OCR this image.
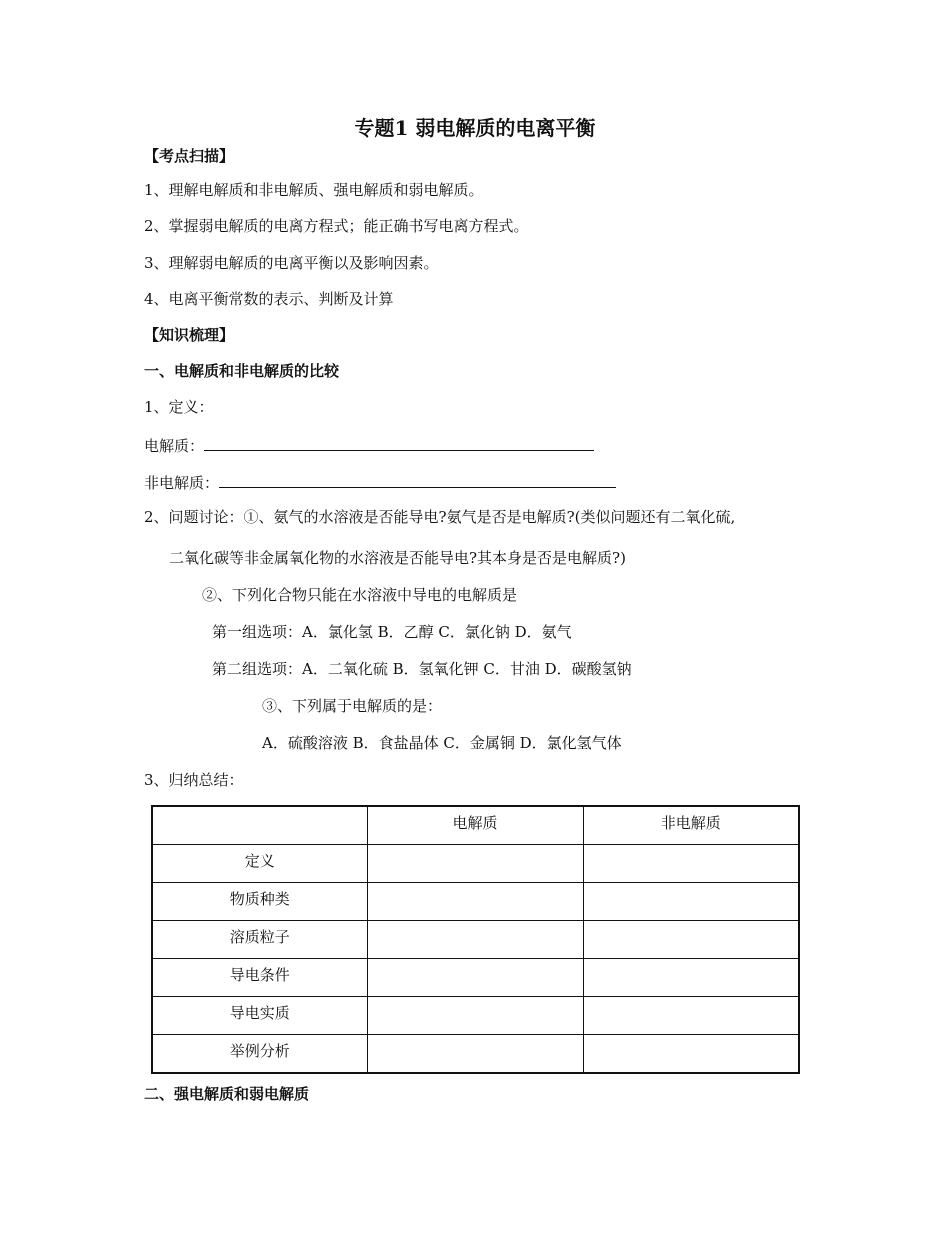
专题1 弱电解质的电离平衡
【考点扫描】
1、理解电解质和非电解质、强电解质和弱电解质。
2、掌握弱电解质的电离方程式；能正确书写电离方程式。
3、理解弱电解质的电离平衡以及影响因素。
4、电离平衡常数的表示、判断及计算
【知识梳理】
一、电解质和非电解质的比较
1、定义：
电解质：
非电解质：
2、问题讨论：①、氨气的水溶液是否能导电?氨气是否是电解质?(类似问题还有二氧化硫,
二氧化碳等非金属氧化物的水溶液是否能导电?其本身是否是电解质?)
②、下列化合物只能在水溶液中导电的电解质是
第一组选项：A．氯化氢 B．乙醇 C．氯化钠 D．氨气
第二组选项：A．二氧化硫 B．氢氧化钾 C．甘油 D．碳酸氢钠
③、下列属于电解质的是：
A．硫酸溶液 B．食盐晶体 C．金属铜 D．氯化氢气体
3、归纳总结：
	电解质	非电解质
定义		
物质种类		
溶质粒子		
导电条件		
导电实质		
举例分析		
二、强电解质和弱电解质
